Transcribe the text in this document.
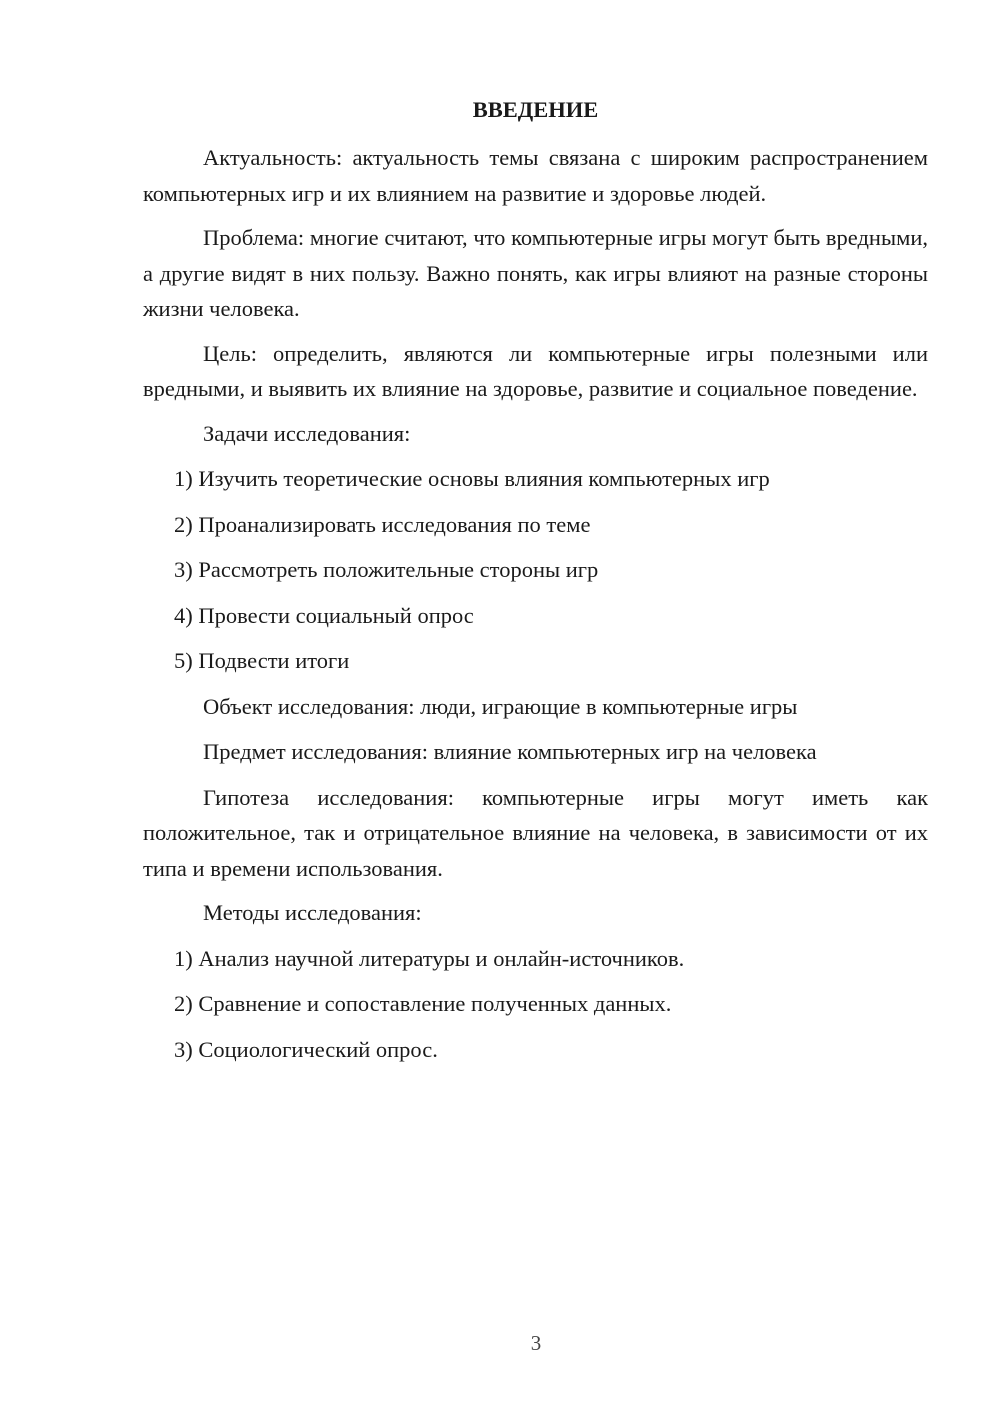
ВВЕДЕНИЕ
Актуальность: актуальность темы связана с широким распространением компьютерных игр и их влиянием на развитие и здоровье людей.
Проблема: многие считают, что компьютерные игры могут быть вредными, а другие видят в них пользу. Важно понять, как игры влияют на разные стороны жизни человека.
Цель: определить, являются ли компьютерные игры полезными или вредными, и выявить их влияние на здоровье, развитие и социальное поведение.
Задачи исследования:
1) Изучить теоретические основы влияния компьютерных игр
2) Проанализировать исследования по теме
3) Рассмотреть положительные стороны игр
4) Провести социальный опрос
5) Подвести итоги
Объект исследования: люди, играющие в компьютерные игры
Предмет исследования: влияние компьютерных игр на человека
Гипотеза исследования: компьютерные игры могут иметь как положительное, так и отрицательное влияние на человека, в зависимости от их типа и времени использования.
Методы исследования:
1) Анализ научной литературы и онлайн-источников.
2) Сравнение и сопоставление полученных данных.
3) Социологический опрос.
3
